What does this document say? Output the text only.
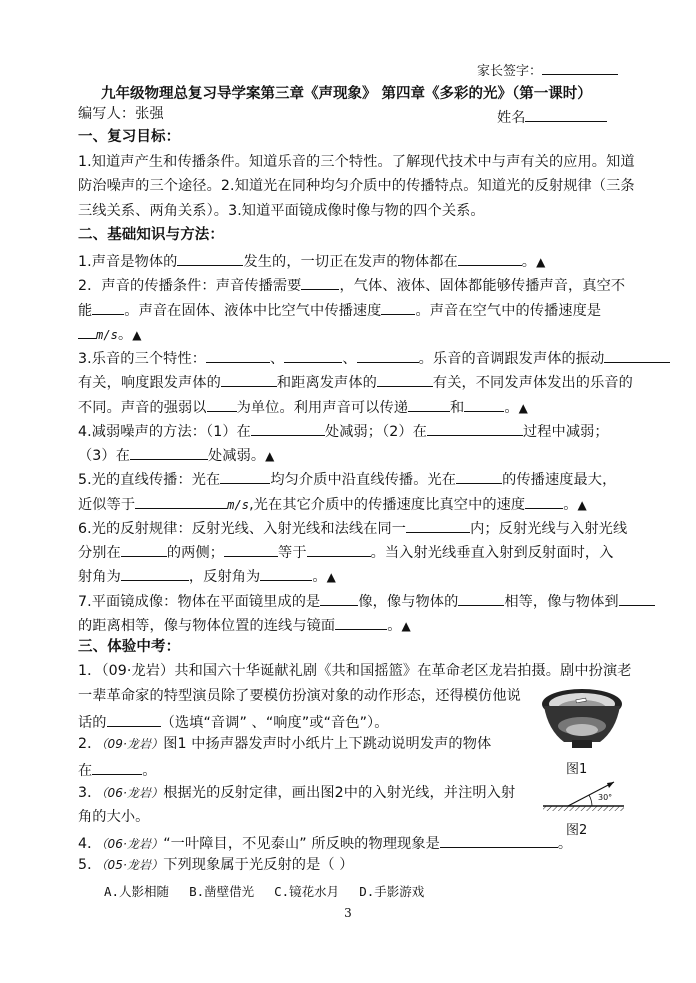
家长签字：
九年级物理总复习导学案第三章《声现象》 第四章《多彩的光》（第一课时）
编写人：张强	姓名
一、复习目标：
1.知道声产生和传播条件。知道乐音的三个特性。了解现代技术中与声有关的应用。知道
防治噪声的三个途径。2.知道光在同种均匀介质中的传播特点。知道光的反射规律（三条
三线关系、两角关系）。3.知道平面镜成像时像与物的四个关系。
二、基础知识与方法：
1.声音是物体的	发生的，一切正在发声的物体都在	。▲
2．声音的传播条件：声音传播需要	，气体、液体、固体都能够传播声音，真空不
能 。声音在固体、液体中比空气中传播速度 。声音在空气中的传播速度是
m/s。▲
3.乐音的三个特性：	、	、	。乐音的音调跟发声体的振动
有关，响度跟发声体的	和距离发声体的	有关，不同发声体发出的乐音的
不同。声音的强弱以 为单位。利用声音可以传递	和	。▲
4.减弱噪声的方法：（1）在	处减弱；（2）在	过程中减弱；
（3）在	处减弱。▲
5.光的直线传播：光在	均匀介质中沿直线传播。光在	的传播速度最大，
近似等于	m/s,光在其它介质中的传播速度比真空中的速度	。▲
6.光的反射规律：反射光线、入射光线和法线在同一	内；反射光线与入射光线
分别在	的两侧；	等于	。当入射光线垂直入射到反射面时，入
射角为	，反射角为	。▲
7.平面镜成像：物体在平面镜里成的是	像，像与物体的	相等，像与物体到
的距离相等，像与物体位置的连线与镜面	。▲
三、体验中考：
1．（09·龙岩）共和国六十华诞献礼剧《共和国摇篮》在革命老区龙岩拍摄。剧中扮演老
一辈革命家的特型演员除了要模仿扮演对象的动作形态，还得模仿他说
话的	（选填“音调” 、“响度”或“音色”）。
2．（09·龙岩）图1 中扬声器发声时小纸片上下跳动说明发声的物体
在	。
3．（06·龙岩）根据光的反射定律，画出图2中的入射光线，并注明入射
角的大小。
4．（06·龙岩）“一叶障目，不见泰山” 所反映的物理现象是	。
5．（05·龙岩）下列现象属于光反射的是（ ）
A.人影相随 B.凿壁借光 C.镜花水月 D.手影游戏
图1
30°
图2
3
